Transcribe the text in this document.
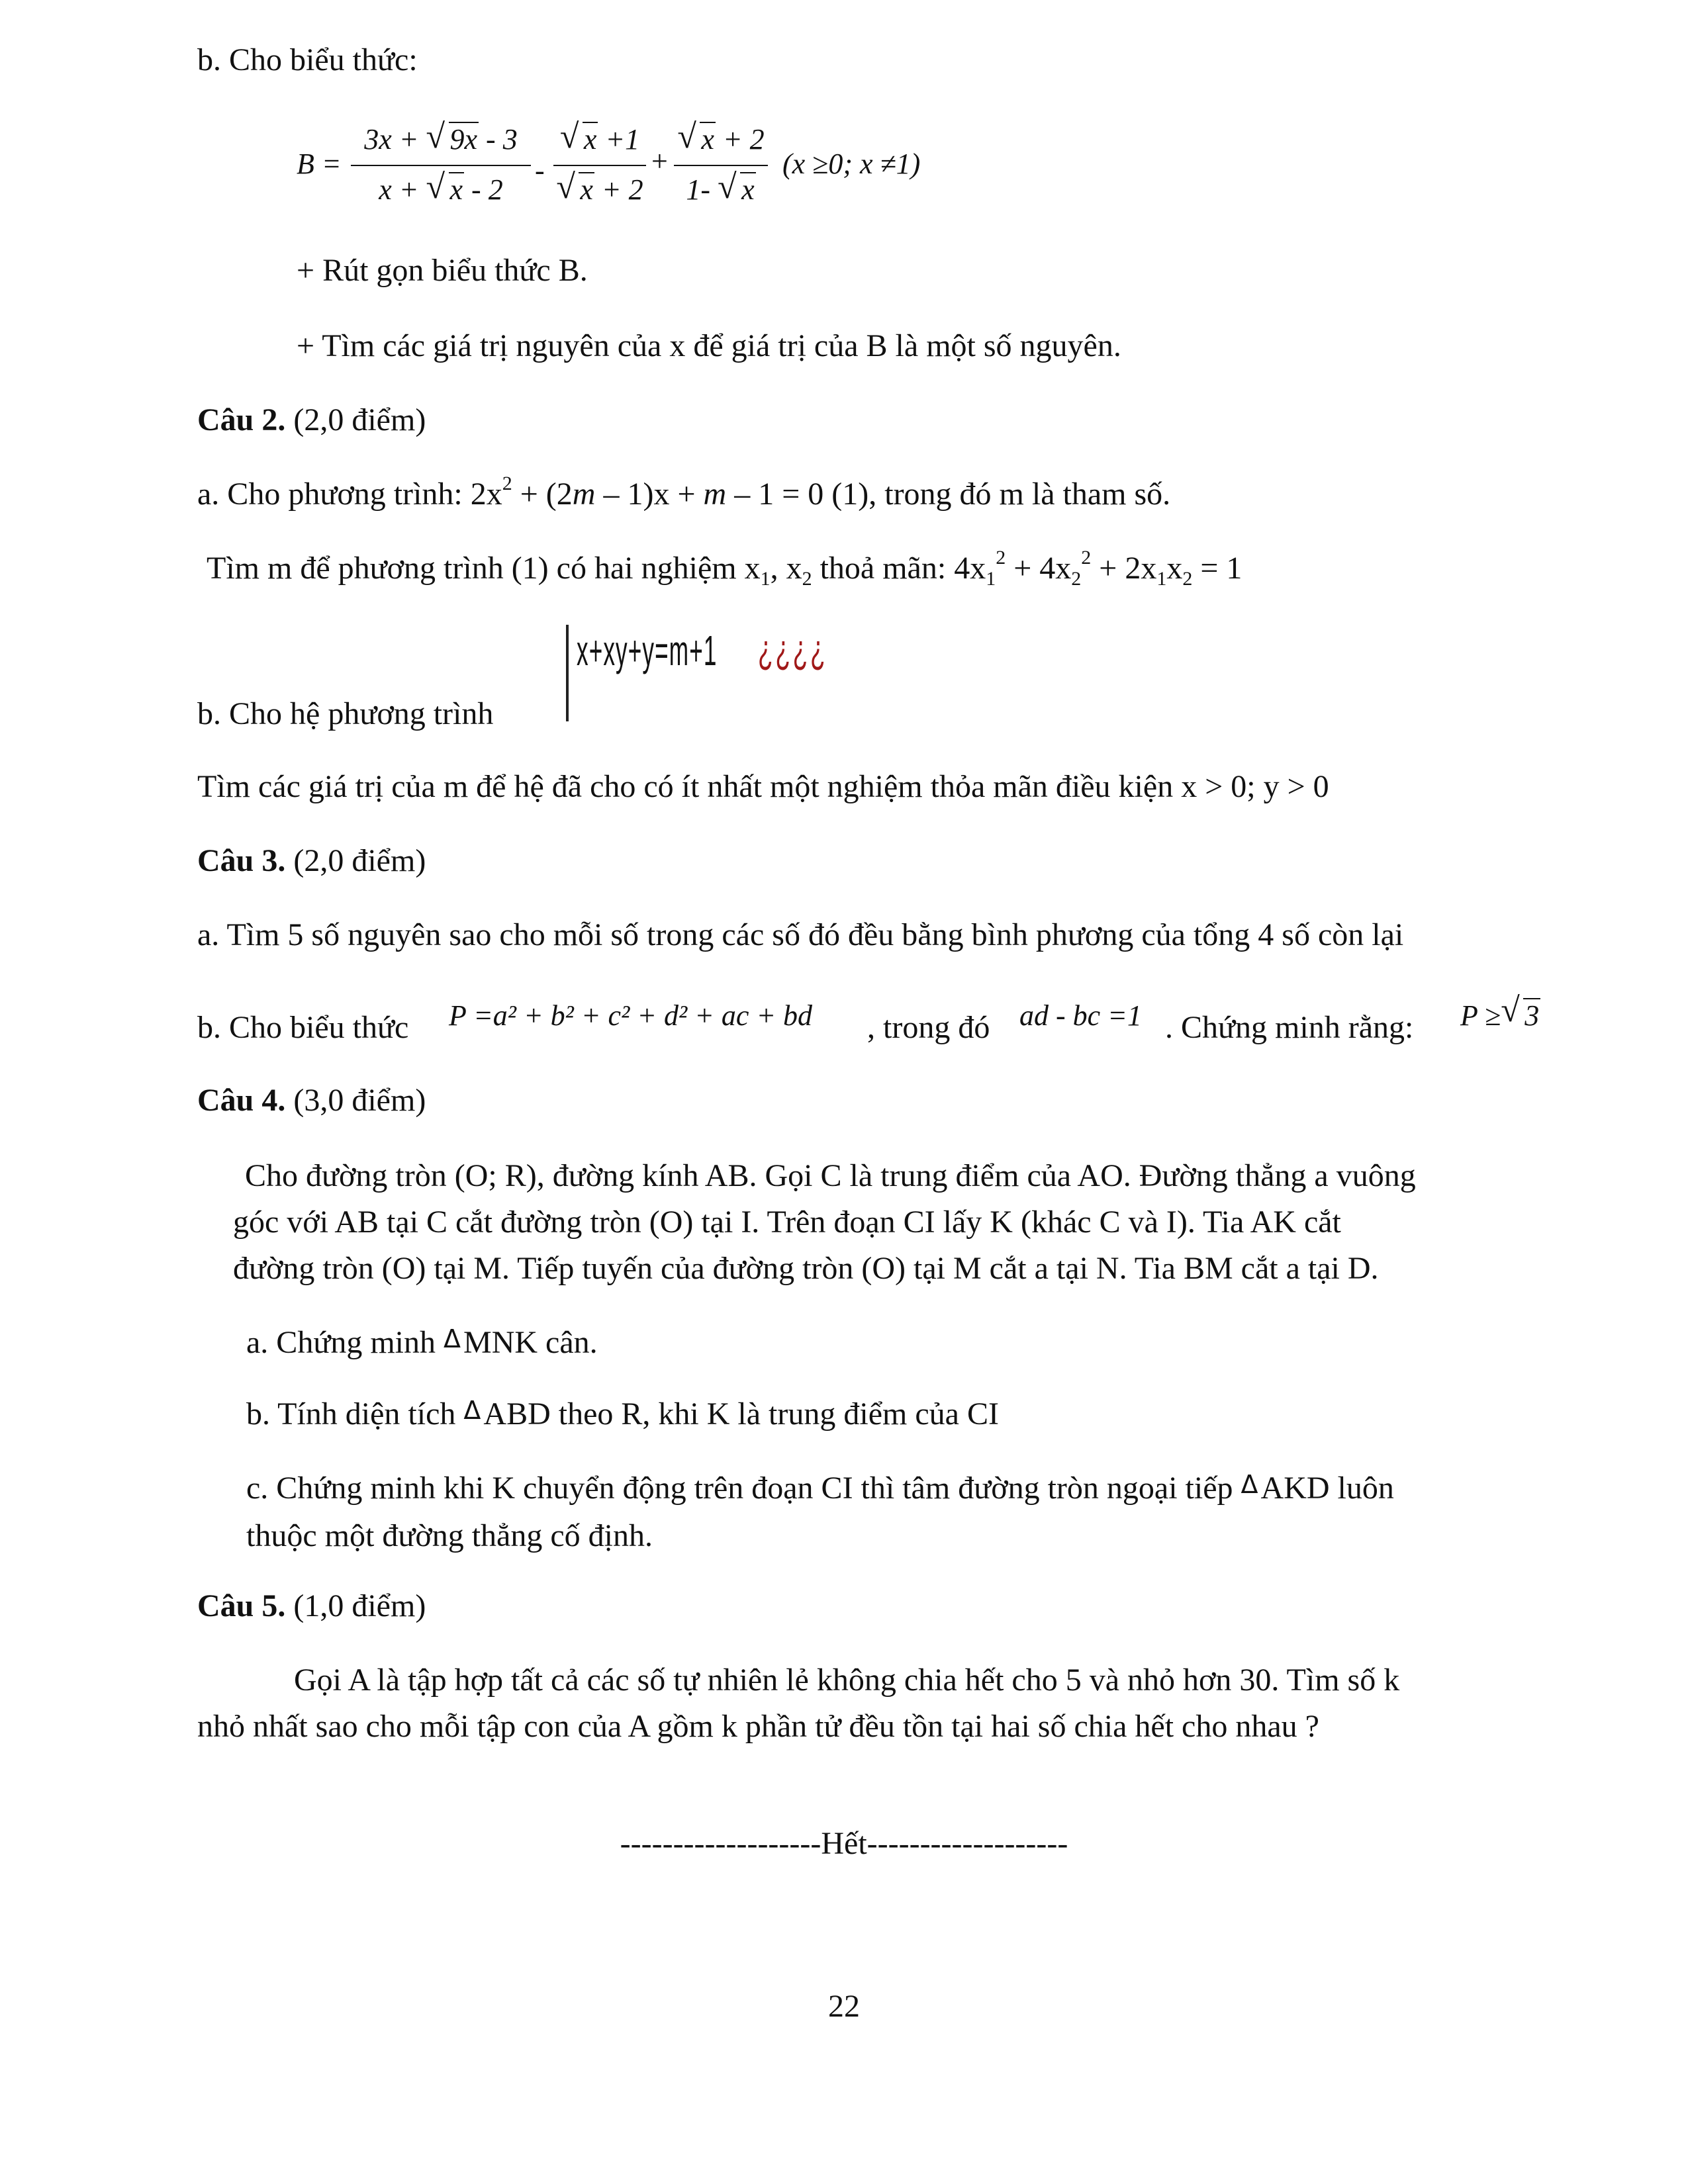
b. Cho biểu thức:
B =
3x + √ 9x - 3
x + √ x - 2
-
√ x +1
√ x + 2
+
√ x + 2
1- √ x
(x ≥0; x ≠1)
+ Rút gọn biểu thức B.
+ Tìm các giá trị nguyên của x để giá trị của B là một số nguyên.
Câu 2. (2,0 điểm)
a. Cho phương trình: $2x^2 + (2m - 1)x + m - 1 = 0$ (1), trong đó m là tham số.
Tìm m để phương trình (1) có hai nghiệm $x_1$, $x_2$ thoả mãn: $4x_1^2 + 4x_2^2 + 2x_1x_2 = 1$
b. Cho hệ phương trình
x+xy+y=m+1 ¿¿¿¿
Tìm các giá trị của m để hệ đã cho có ít nhất một nghiệm thỏa mãn điều kiện x > 0; y > 0
Câu 3. (2,0 điểm)
a. Tìm 5 số nguyên sao cho mỗi số trong các số đó đều bằng bình phương của tổng 4 số còn lại
b. Cho biểu thức P =a² + b² + c² + d² + ac + bd , trong đó ad - bc =1 . Chứng minh rằng: P ≥ √ 3
Câu 4. (3,0 điểm)
Cho đường tròn (O; R), đường kính AB. Gọi C là trung điểm của AO. Đường thẳng a vuông
góc với AB tại C cắt đường tròn (O) tại I. Trên đoạn CI lấy K (khác C và I). Tia AK cắt
đường tròn (O) tại M. Tiếp tuyến của đường tròn (O) tại M cắt a tại N. Tia BM cắt a tại D.
a. Chứng minh ΔMNK cân.
b. Tính diện tích ΔABD theo R, khi K là trung điểm của CI
c. Chứng minh khi K chuyển động trên đoạn CI thì tâm đường tròn ngoại tiếp ΔAKD luôn
thuộc một đường thẳng cố định.
Câu 5. (1,0 điểm)
Gọi A là tập hợp tất cả các số tự nhiên lẻ không chia hết cho 5 và nhỏ hơn 30. Tìm số k
nhỏ nhất sao cho mỗi tập con của A gồm k phần tử đều tồn tại hai số chia hết cho nhau ?
-------------------Hết-------------------
22
